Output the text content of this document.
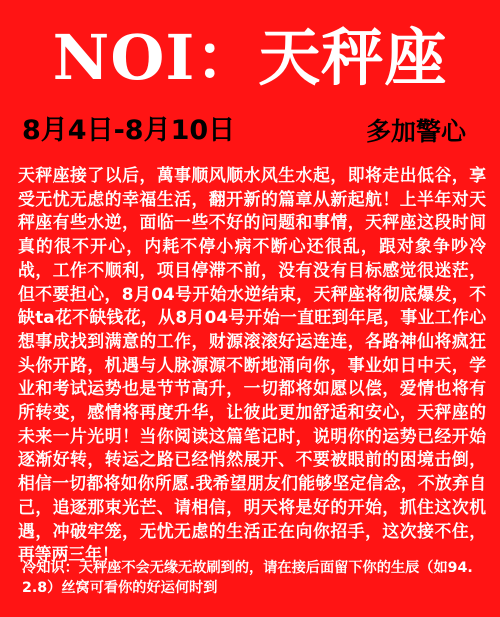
NOI：天秤座
8月4日-8月10日	多加警心

天秤座接了以后，萬事顺风顺水风生水起，即将走出低谷，享受无忧无虑的幸福生活，翻开新的篇章从新起航！上半年对天秤座有些水逆，面临一些不好的问题和事情，天秤座这段时间真的很不开心，内耗不停小病不断心还很乱，跟对象争吵冷战，工作不顺利，项目停滞不前，没有没有目标感觉很迷茫，但不要担心，8月04号开始水逆结束，天秤座将彻底爆发，不缺ta花不缺钱花，从8月04号开始一直旺到年尾，事业工作心想事成找到满意的工作，财源滚滚好运连连，各路神仙将疯狂头你开路，机遇与人脉源源不断地涌向你，事业如日中天，学业和考试运势也是节节高升，一切都将如愿以偿，爱情也将有所转变，感情将再度升华，让彼此更加舒适和安心，天秤座的未来一片光明！当你阅读这篇笔记时，说明你的运势已经开始逐渐好转，转运之路已经悄然展开、不要被眼前的困境击倒，相信一切都将如你所愿.我希望朋友们能够坚定信念，不放弃自己，追逐那束光芒、请相信，明天将是好的开始，抓住这次机遇，冲破牢笼，无忧无虑的生活正在向你招手，这次接不住，再等两三年！

冷知识：天秤座不会无缘无故刷到的，请在接后面留下你的生辰（如94.2.8）丝窝可看你的好运何时到
